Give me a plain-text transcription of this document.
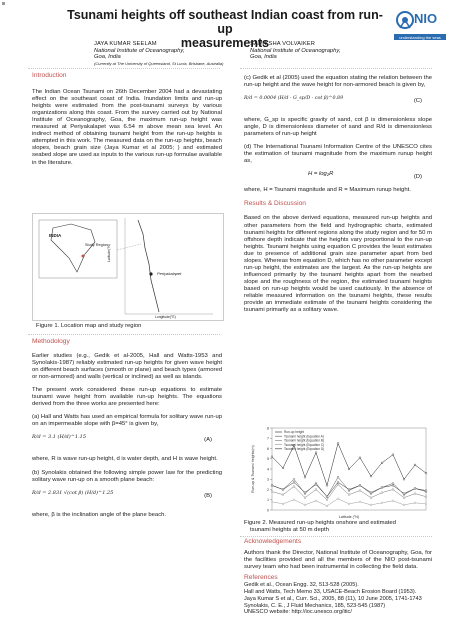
Tsunami heights off southeast Indian coast from run-up
measurements
NIO
understanding the seas
JAYA KUMAR SEELAM
National Institute of Oceanography,
Goa, India
(Currently at The University of Queensland, St Lucia, Brisbane, Australia)
SAMIKSHA VOLVAIKER
National Institute of Oceanography,
Goa, India
Introduction

The Indian Ocean Tsunami on 26th December 2004 had a devastating effect on the southeast coast of India. Inundation limits and run-up heights were estimated from the post-tsunami surveys by various organizations along this coast. From the survey carried out by National Institute of Oceanography, Goa, the maximum run-up height was measured at Periyakalapet was 6.54 m above mean sea level. An indirect method of obtaining tsunami height from the run-up heights is attempted in this work. The measured data on the run-up heights, beach slopes, beach grain size (Jaya Kumar et al 2005; ) and estimated seabed slope are used as inputs to the various run-up formulae available in the literature.

INDIA
Study Region
Periyakalapet
Longitude(°E)
Latitude(°N)
Figure 1. Location map and study region
Methodology

Earlier studies (e.g., Gedik et al-2005, Hall and Watts-1953 and Synolakis-1987) reliably estimated run-up heights for given wave height on different beach surfaces (smooth or plane) and beach types (armored or non-armored) and walls (vertical or inclined) as well as islands.

The present work considered these run-up equations to estimate tsunami wave height from available run-up heights. The equations derived from the three works are presented here:

(a) Hall and Watts has used an empirical formula for solitary wave run-up on an impermeable slope with β=45° is given by,

R/d = 3.1 (H/d)^1.15	(A)

where, R is wave run-up height, d is water depth, and H is wave height.

(b) Synolakis obtained the following simple power law for the predicting solitary wave run-up on a smooth plane beach:

R/d = 2.831 √(cot β) (H/d)^1.25	(B)

where, β is the inclination angle of the plane beach.

(c) Gedik et al (2005) used the equation stating the relation between the run-up height and the wave height for non-armored beach is given by,

R/d = 0.0004 (H/d · G_sp/D · cot β)^0.89	(C)

where, G_sp is specific gravity of sand, cot β is dimensionless slope angle, D is dimensionless diameter of sand and R/d is dimensionless parameters of run-up height

(d) The International Tsunami Information Centre of the UNESCO cites the estimation of tsunami magnitude from the maximum runup height as,

H = log₂R	(D)

where, H = Tsunami magnitude and R = Maximum runup height.

Results & Discussion

Based on the above derived equations, measured run-up heights and other parameters from the field and hydrographic charts, estimated tsunami heights for different regions along the study region and for 50 m offshore depth indicate that the heights vary proportional to the run-up heights. Tsunami heights using equation C provides the least estimates due to presence of additional grain size parameter apart from bed slopes. Whereas from equation D, which has no other parameter except run-up height, the estimates are the largest. As the run-up heights are influenced primarily by the tsunami heights apart from the nearbed slope and the roughness of the region, the estimated tsunami heights based on run-up heights would be used cautiously. In the absence of reliable measured information on the tsunami heights, these results provide an immediate estimate of the tsunami heights considering the tsunami primarily as a solitary wave.

0
1
2
3
4
5
6
7
8
Run-up & Tsunami heights(m)
Latitude (°N)
Run-up height
Tsunami height (Equation A)
Tsunami height (Equation B)
Tsunami height (Equation C)
Tsunami height (Equation D)
Figure 2. Measured run-up heights onshore and estimated
tsunami heights at 50 m depth
Acknowledgements

Authors thank the Director, National Institute of Oceanography, Goa, for the facilities provided and all the members of the NIO post-tsunami survey team who had been instrumental in collecting the field data.

References
Gedik et al., Ocean Engg. 32, 513-528 (2005).
Hall and Watts, Tech Memo 33, USACE-Beach Erosion Board (1953).
Jaya Kumar S et al., Curr. Sci., 2005, 88 (11), 10 June 2005, 1741-1743
Synolakis, C. E., J Fluid Mechanics, 185, 523-545 (1987)
UNESCO website: http://ioc.unesco.org/itic/
